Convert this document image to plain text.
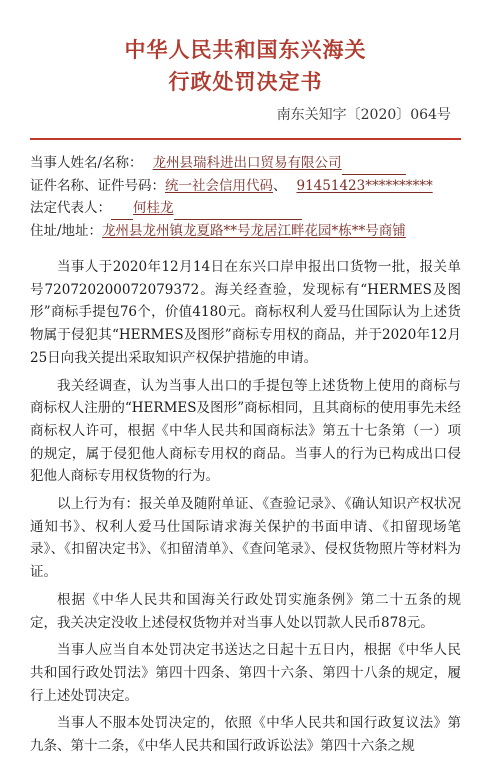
中华人民共和国东兴海关
行政处罚决定书
南东关知字〔2020〕064号
当事人姓名/名称： 龙州县瑞科进出口贸易有限公司
证件名称、证件号码：统一社会信用代码、 91451423**********
法定代表人： 何桂龙
住址/地址：龙州县龙州镇龙夏路**号龙居江畔花园*栋**号商铺

当事人于2020年12月14日在东兴口岸申报出口货物一批，报关单号720720200072079372。海关经查验，发现标有“HERMES及图形”商标手提包76个，价值4180元。商标权利人爱马仕国际认为上述货物属于侵犯其“HERMES及图形”商标专用权的商品，并于2020年12月25日向我关提出采取知识产权保护措施的申请。

我关经调查，认为当事人出口的手提包等上述货物上使用的商标与商标权人注册的“HERMES及图形”商标相同，且其商标的使用事先未经商标权人许可，根据《中华人民共和国商标法》第五十七条第（一）项的规定，属于侵犯他人商标专用权的商品。当事人的行为已构成出口侵犯他人商标专用权货物的行为。

以上行为有：报关单及随附单证、《查验记录》、《确认知识产权状况通知书》、权利人爱马仕国际请求海关保护的书面申请、《扣留现场笔录》、《扣留决定书》、《扣留清单》、《查问笔录》、侵权货物照片等材料为证。

根据《中华人民共和国海关行政处罚实施条例》第二十五条的规定，我关决定没收上述侵权货物并对当事人处以罚款人民币878元。

当事人应当自本处罚决定书送达之日起十五日内，根据《中华人民共和国行政处罚法》第四十四条、第四十六条、第四十八条的规定，履行上述处罚决定。

当事人不服本处罚决定的，依照《中华人民共和国行政复议法》第九条、第十二条，《中华人民共和国行政诉讼法》第四十六条之规
